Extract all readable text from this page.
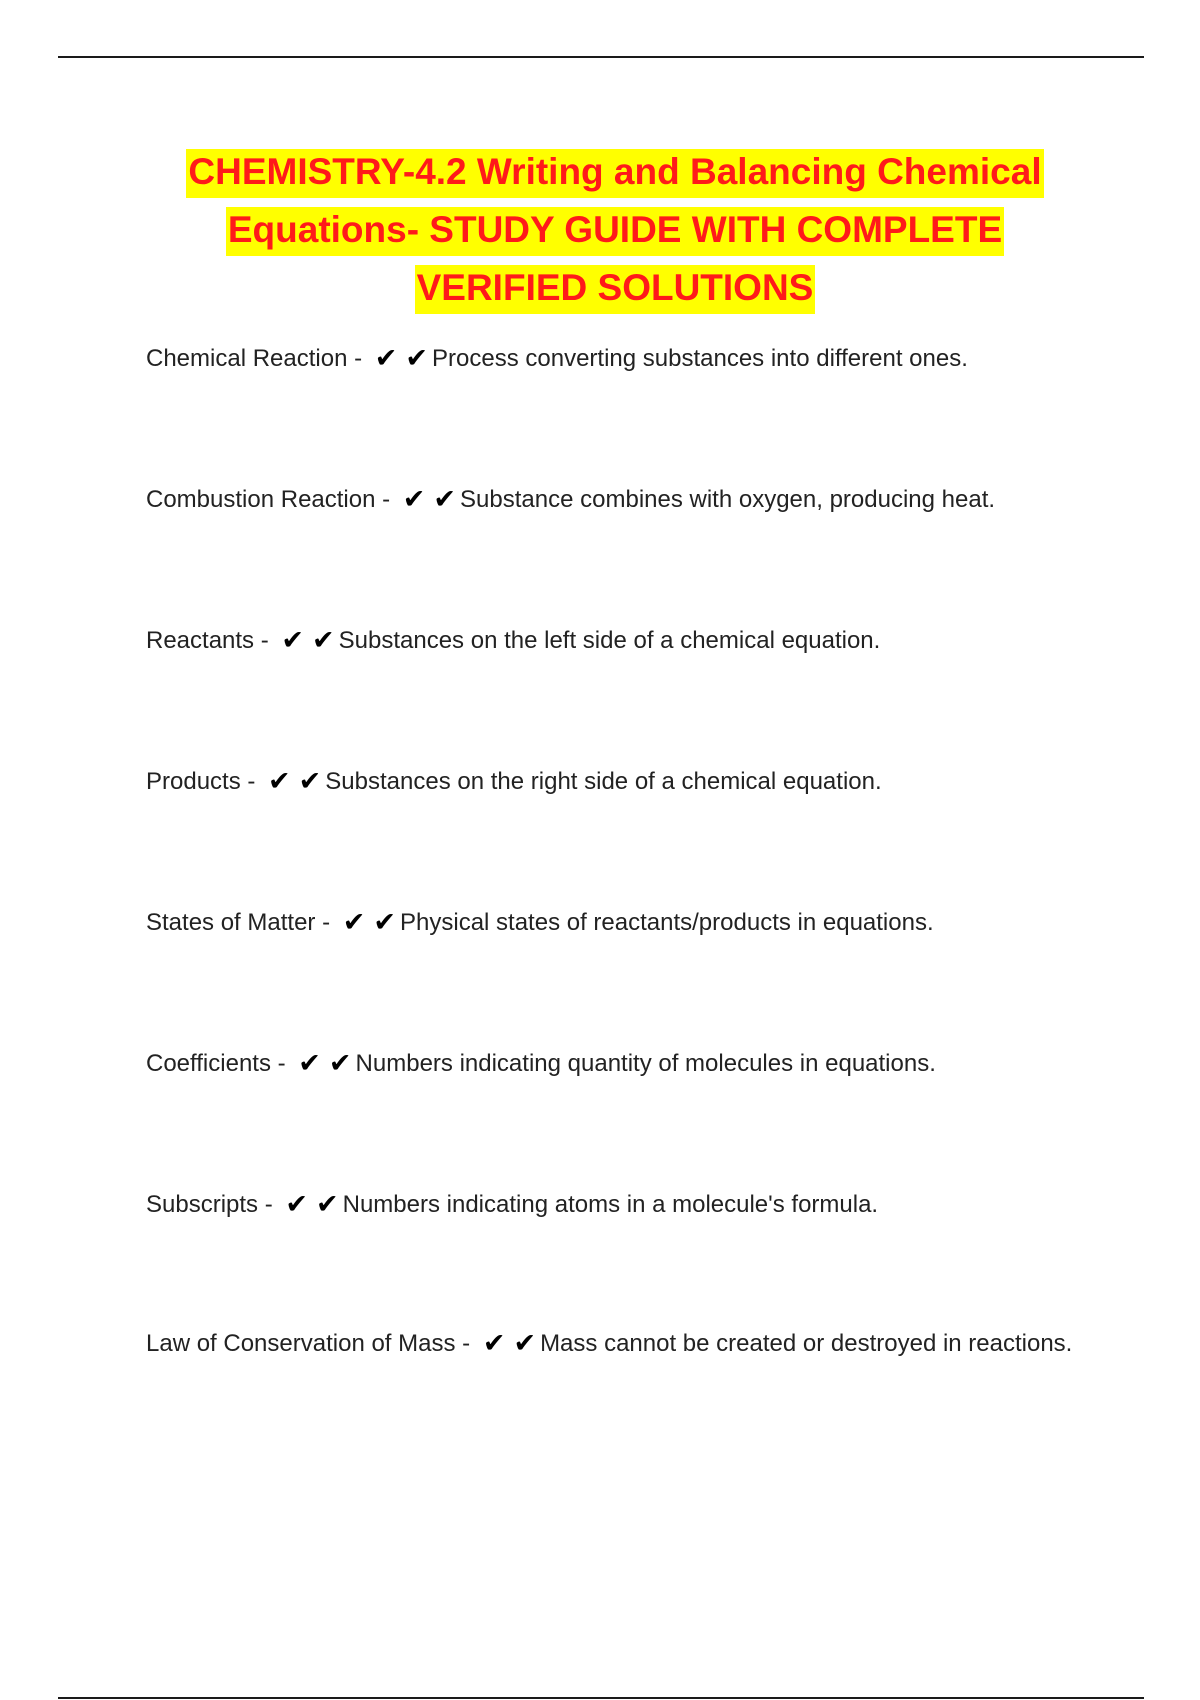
CHEMISTRY-4.2 Writing and Balancing Chemical
Equations- STUDY GUIDE WITH COMPLETE
VERIFIED SOLUTIONS
Chemical Reaction - ✔ ✔ Process converting substances into different ones.
Combustion Reaction - ✔ ✔ Substance combines with oxygen, producing heat.
Reactants - ✔ ✔ Substances on the left side of a chemical equation.
Products - ✔ ✔ Substances on the right side of a chemical equation.
States of Matter - ✔ ✔ Physical states of reactants/products in equations.
Coefficients - ✔ ✔ Numbers indicating quantity of molecules in equations.
Subscripts - ✔ ✔ Numbers indicating atoms in a molecule's formula.
Law of Conservation of Mass - ✔ ✔ Mass cannot be created or destroyed in reactions.
